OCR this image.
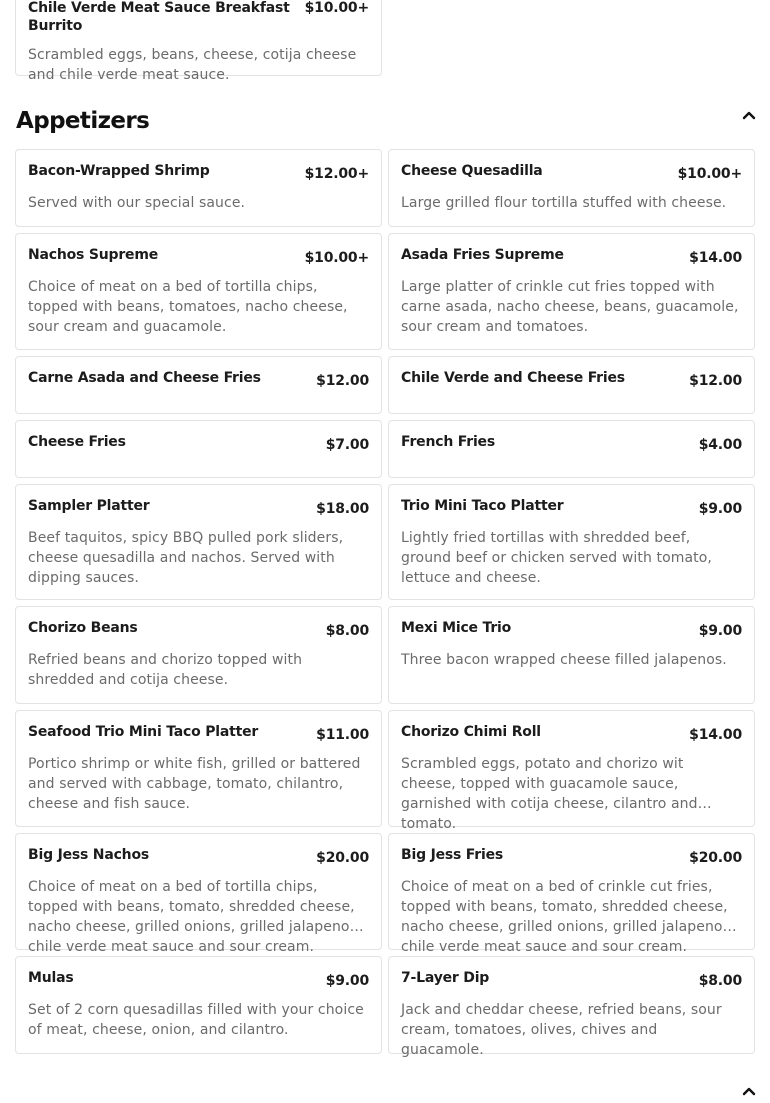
Chile Verde Meat Sauce Breakfast Burrito
$10.00+
Scrambled eggs, beans, cheese, cotija cheese and chile verde meat sauce.
Appetizers
Bacon-Wrapped Shrimp	$12.00+
Served with our special sauce.
Cheese Quesadilla	$10.00+
Large grilled flour tortilla stuffed with cheese.
Nachos Supreme	$10.00+
Choice of meat on a bed of tortilla chips, topped with beans, tomatoes, nacho cheese, sour cream and guacamole.
Asada Fries Supreme	$14.00
Large platter of crinkle cut fries topped with carne asada, nacho cheese, beans, guacamole, sour cream and tomatoes.
Carne Asada and Cheese Fries	$12.00 Chile Verde and Cheese Fries	$12.00
Cheese Fries	$7.00 French Fries	$4.00
Sampler Platter	$18.00
Beef taquitos, spicy BBQ pulled pork sliders, cheese quesadilla and nachos. Served with dipping sauces.
Trio Mini Taco Platter	$9.00
Lightly fried tortillas with shredded beef, ground beef or chicken served with tomato, lettuce and cheese.
Chorizo Beans	$8.00
Refried beans and chorizo topped with shredded and cotija cheese.
Mexi Mice Trio	$9.00
Three bacon wrapped cheese filled jalapenos.
Seafood Trio Mini Taco Platter	$11.00
Portico shrimp or white fish, grilled or battered and served with cabbage, tomato, chilantro, cheese and fish sauce.
Chorizo Chimi Roll	$14.00
Scrambled eggs, potato and chorizo wit cheese, topped with guacamole sauce, garnished with cotija cheese, cilantro and tomato.
Big Jess Nachos	$20.00
Choice of meat on a bed of tortilla chips, topped with beans, tomato, shredded cheese, nacho cheese, grilled onions, grilled jalapenos, chile verde meat sauce and sour cream.
Big Jess Fries	$20.00
Choice of meat on a bed of crinkle cut fries, topped with beans, tomato, shredded cheese, nacho cheese, grilled onions, grilled jalapenos, chile verde meat sauce and sour cream.
Mulas	$9.00
Set of 2 corn quesadillas filled with your choice of meat, cheese, onion, and cilantro.
7-Layer Dip	$8.00
Jack and cheddar cheese, refried beans, sour cream, tomatoes, olives, chives and guacamole.
